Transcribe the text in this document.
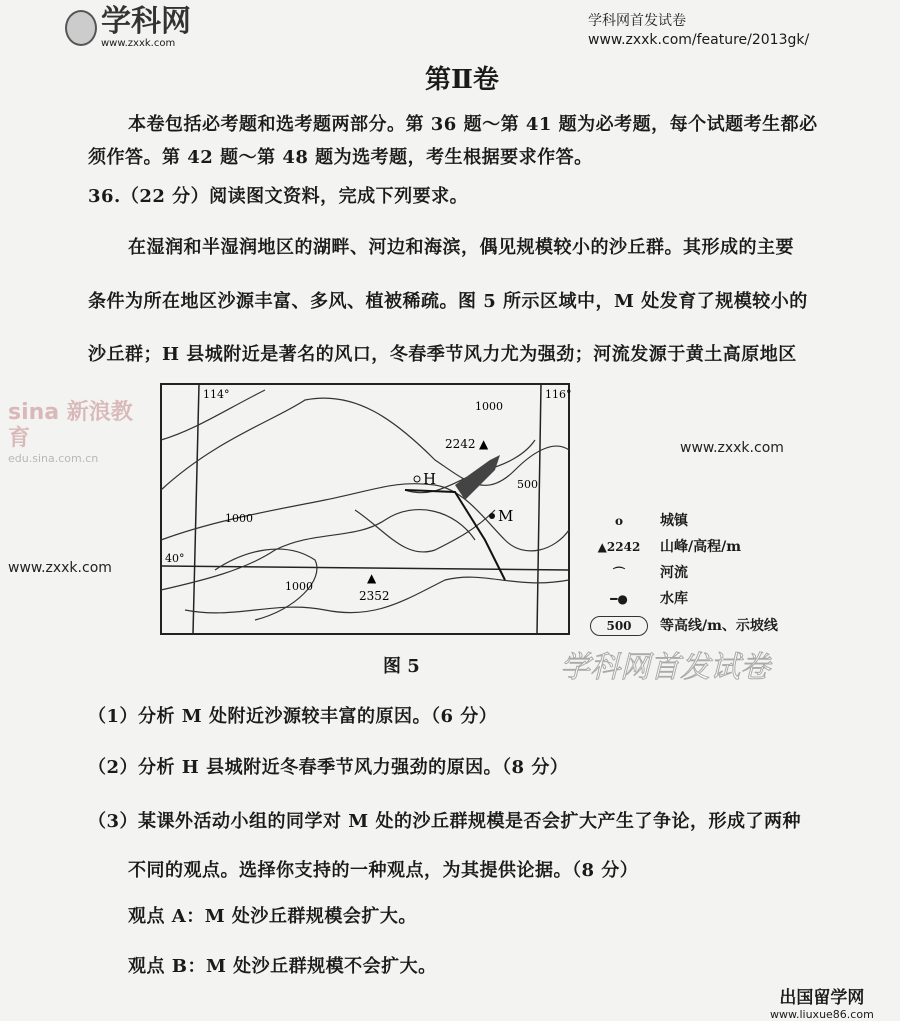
sina 新浪教育
edu.sina.com.cn
www.zxxk.com
www.zxxk.com
学科网
www.zxxk.com
学科网首发试卷
www.zxxk.com/feature/2013gk/
第Ⅱ卷
本卷包括必考题和选考题两部分。第 36 题～第 41 题为必考题，每个试题考生都必
须作答。第 42 题～第 48 题为选考题，考生根据要求作答。
36.（22 分）阅读图文资料，完成下列要求。
在湿润和半湿润地区的湖畔、河边和海滨，偶见规模较小的沙丘群。其形成的主要
条件为所在地区沙源丰富、多风、植被稀疏。图 5 所示区域中，M 处发育了规模较小的
沙丘群；H 县城附近是著名的风口，冬春季节风力尤为强劲；河流发源于黄土高原地区
114°	116°
40°
1000
1000
1000
500
2242 ▲
▲
2352
H
M	o	城镇
▲2242	山峰/高程/m
⌒	河流
━●	水库
500	等高线/m、示坡线
图 5	学科网首发试卷
（1）分析 M 处附近沙源较丰富的原因。（6 分）
（2）分析 H 县城附近冬春季节风力强劲的原因。（8 分）
（3）某课外活动小组的同学对 M 处的沙丘群规模是否会扩大产生了争论，形成了两种
不同的观点。选择你支持的一种观点，为其提供论据。（8 分）
观点 A：M 处沙丘群规模会扩大。
观点 B：M 处沙丘群规模不会扩大。
出国留学网
www.liuxue86.com
